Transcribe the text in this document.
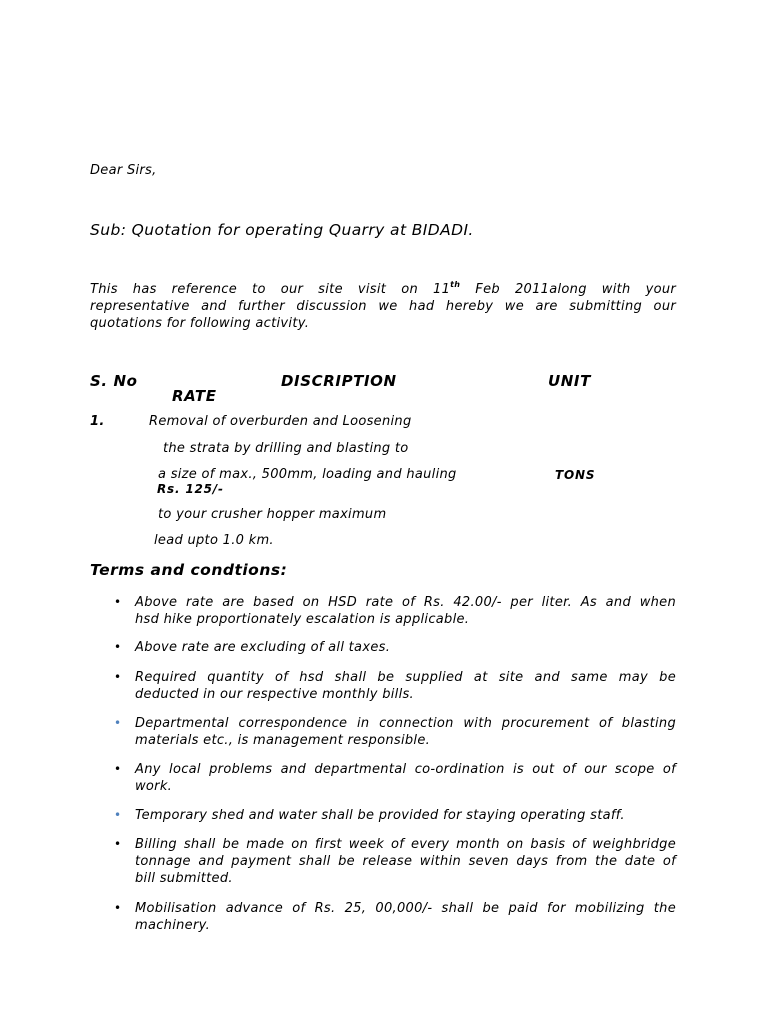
Dear Sirs,
Sub: Quotation for operating Quarry at BIDADI.
This has reference to our site visit on 11th Feb 2011along with your
representative and further discussion we had hereby we are submitting our
quotations for following activity.
S. No	DISCRIPTION	UNIT
RATE
1.	Removal of overburden and Loosening
the strata by drilling and blasting to
a size of max., 500mm, loading and hauling	TONS
Rs. 125/-
to your crusher hopper maximum
lead upto 1.0 km.
Terms and condtions:
• Above rate are based on HSD rate of Rs. 42.00/- per liter. As and when
hsd hike proportionately escalation is applicable.
• Above rate are excluding of all taxes.
• Required quantity of hsd shall be supplied at site and same may be
deducted in our respective monthly bills.
• Departmental correspondence in connection with procurement of blasting
materials etc., is management responsible.
• Any local problems and departmental co-ordination is out of our scope of
work.
• Temporary shed and water shall be provided for staying operating staff.
• Billing shall be made on first week of every month on basis of weighbridge
tonnage and payment shall be release within seven days from the date of
bill submitted.
• Mobilisation advance of Rs. 25, 00,000/- shall be paid for mobilizing the
machinery.
